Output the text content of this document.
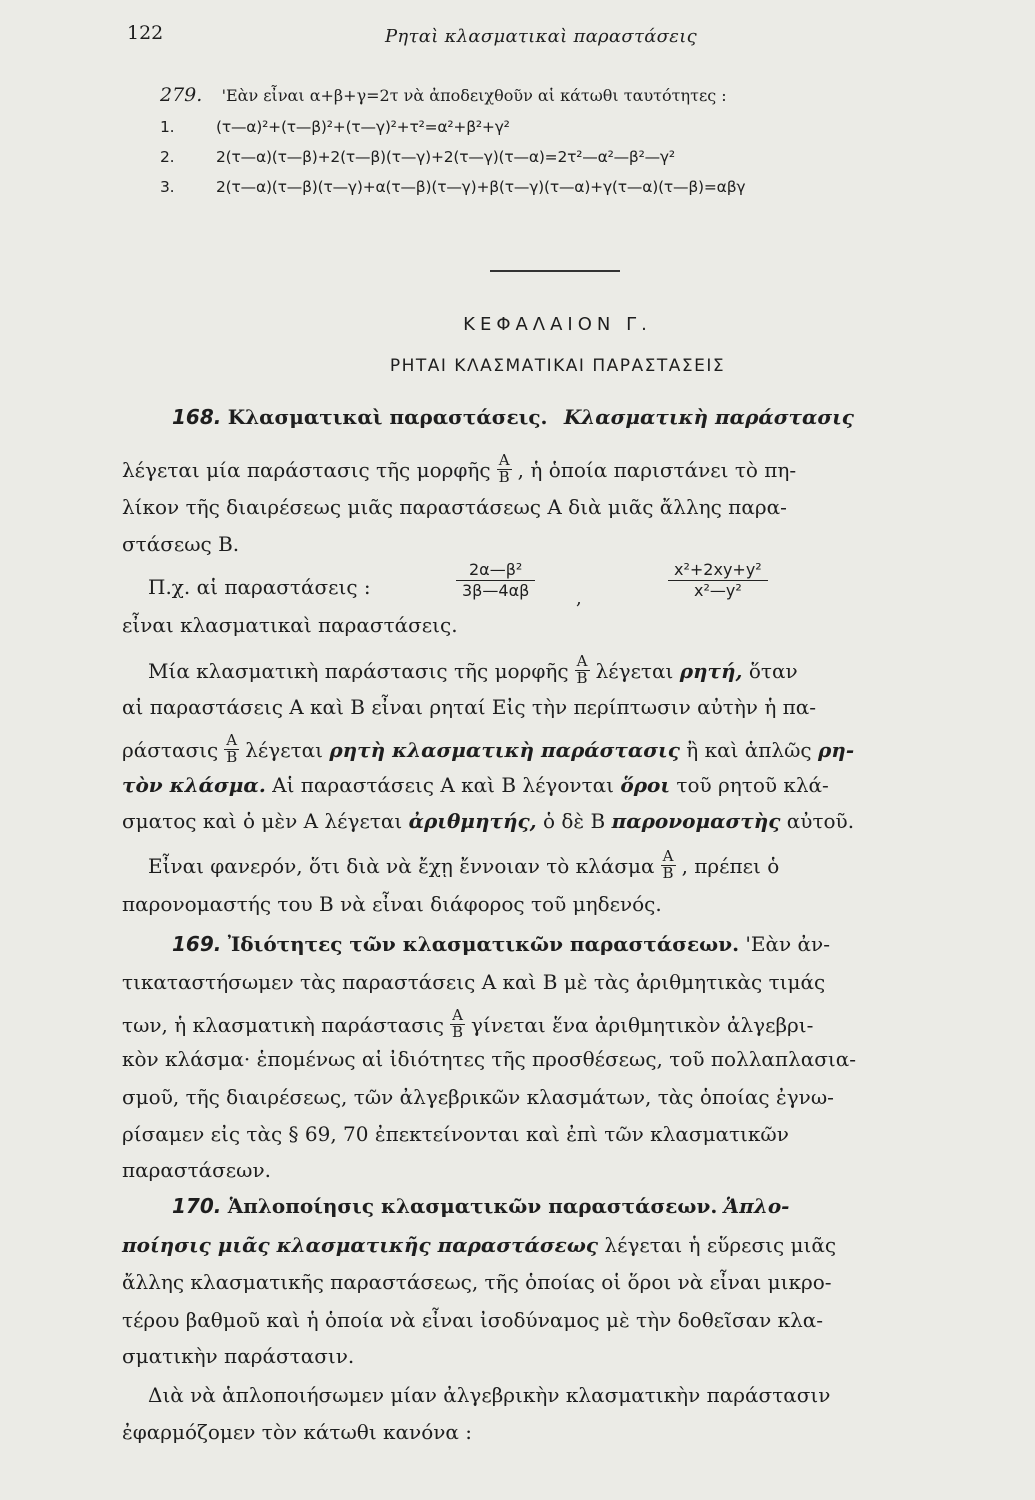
122	Ρηταὶ κλασματικαὶ παραστάσεις
279. 'Εὰν εἶναι α+β+γ=2τ νὰ ἀποδειχθοῦν αἱ κάτωθι ταυτότητες :
1.	(τ—α)²+(τ—β)²+(τ—γ)²+τ²=α²+β²+γ²
2.	2(τ—α)(τ—β)+2(τ—β)(τ—γ)+2(τ—γ)(τ—α)=2τ²—α²—β²—γ²
3.	2(τ—α)(τ—β)(τ—γ)+α(τ—β)(τ—γ)+β(τ—γ)(τ—α)+γ(τ—α)(τ—β)=αβγ
ΚΕΦΑΛΑΙΟΝ Γ.
ΡΗΤΑΙ ΚΛΑΣΜΑΤΙΚΑΙ ΠΑΡΑΣΤΑΣΕΙΣ
168. Κλασματικαὶ παραστάσεις. Κλασματικὴ παράστασις
λέγεται μία παράστασις τῆς μορφῆς $\frac{A}{B}$ , ἡ ὁποία παριστάνει τὸ πη-
λίκον τῆς διαιρέσεως μιᾶς παραστάσεως Α διὰ μιᾶς ἄλλης παρα-
στάσεως Β.
Π.χ. αἱ παραστάσεις :	$\frac{\text{2α—β²}}{3\beta—4\alpha\beta}$ ,	$\frac{\text{x²+2xy+y²}}{\text{x²—y²}}$
εἶναι κλασματικαὶ παραστάσεις.
Μία κλασματικὴ παράστασις τῆς μορφῆς $\frac{A}{B}$ λέγεται ρητή, ὅταν
αἱ παραστάσεις Α καὶ Β εἶναι ρηταί Εἰς τὴν περίπτωσιν αὐτὴν ἡ πα-
ράστασις $\frac{A}{B}$ λέγεται ρητὴ κλασματικὴ παράστασις ἢ καὶ ἁπλῶς ρη-
τὸν κλάσμα. Αἱ παραστάσεις Α καὶ Β λέγονται ὅροι τοῦ ρητοῦ κλά-
σματος καὶ ὁ μὲν Α λέγεται ἀριθμητής, ὁ δὲ Β παρονομαστὴς αὐτοῦ.
Εἶναι φανερόν, ὅτι διὰ νὰ ἔχῃ ἔννοιαν τὸ κλάσμα $\frac{A}{B}$ , πρέπει ὁ
παρονομαστής του Β νὰ εἶναι διάφορος τοῦ μηδενός.
169. Ἰδιότητες τῶν κλασματικῶν παραστάσεων. 'Εὰν ἀν-
τικαταστήσωμεν τὰς παραστάσεις Α καὶ Β μὲ τὰς ἀριθμητικὰς τιμάς
των, ἡ κλασματικὴ παράστασις $\frac{A}{B}$ γίνεται ἕνα ἀριθμητικὸν ἀλγεβρι-
κὸν κλάσμα· ἑπομένως αἱ ἰδιότητες τῆς προσθέσεως, τοῦ πολλαπλασια-
σμοῦ, τῆς διαιρέσεως, τῶν ἀλγεβρικῶν κλασμάτων, τὰς ὁποίας ἐγνω-
ρίσαμεν εἰς τὰς § 69, 70 ἐπεκτείνονται καὶ ἐπὶ τῶν κλασματικῶν
παραστάσεων.
170. Ἁπλοποίησις κλασματικῶν παραστάσεων. Ἁπλο-
ποίησις μιᾶς κλασματικῆς παραστάσεως λέγεται ἡ εὕρεσις μιᾶς
ἄλλης κλασματικῆς παραστάσεως, τῆς ὁποίας οἱ ὅροι νὰ εἶναι μικρο-
τέρου βαθμοῦ καὶ ἡ ὁποία νὰ εἶναι ἰσοδύναμος μὲ τὴν δοθεῖσαν κλα-
σματικὴν παράστασιν.
Διὰ νὰ ἁπλοποιήσωμεν μίαν ἀλγεβρικὴν κλασματικὴν παράστασιν
ἐφαρμόζομεν τὸν κάτωθι κανόνα :
